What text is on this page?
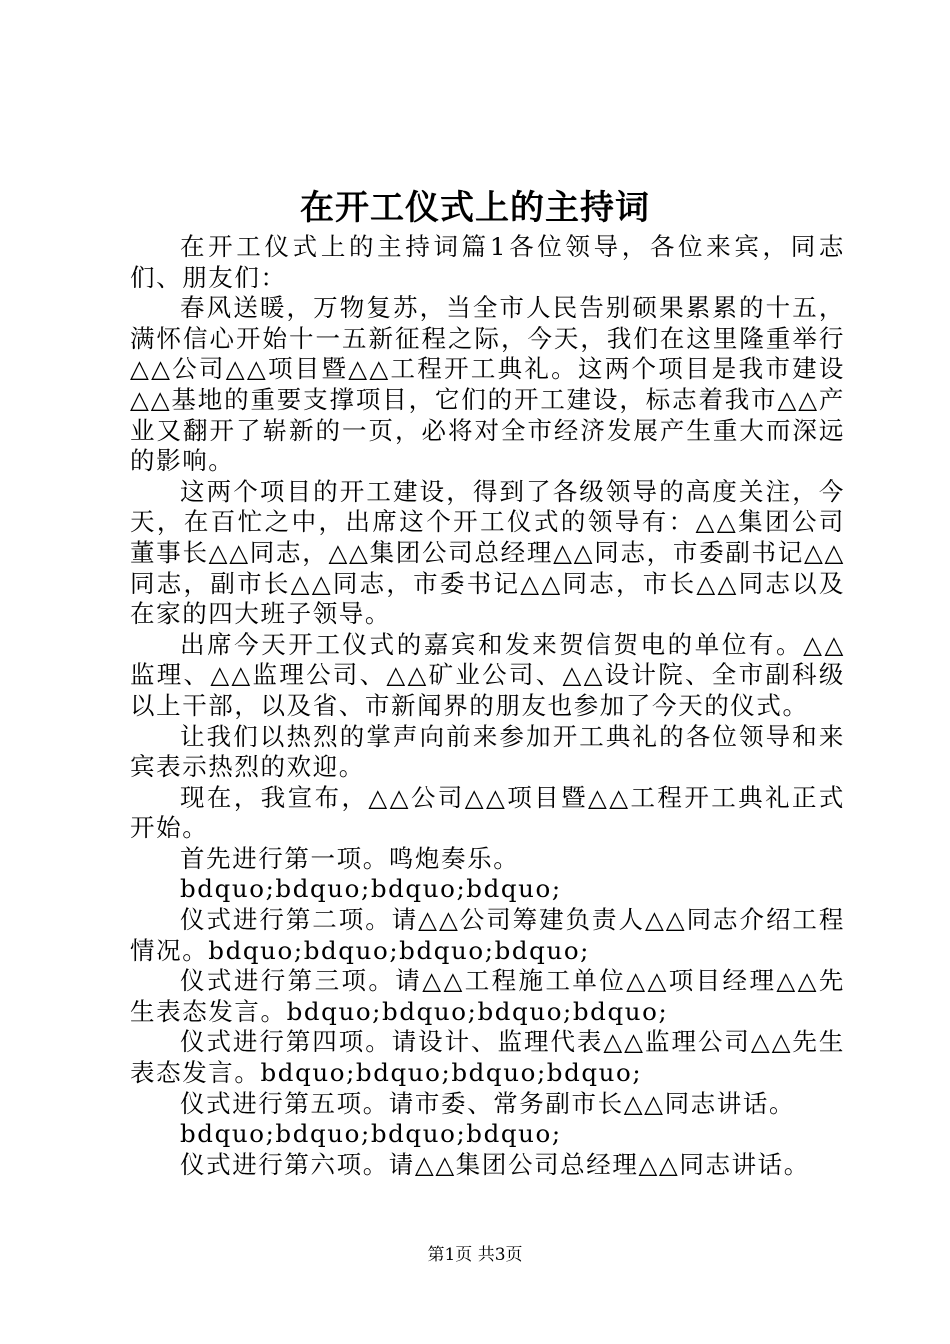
在开工仪式上的主持词

在开工仪式上的主持词篇1各位领导，各位来宾，同志们、朋友们：

春风送暖，万物复苏，当全市人民告别硕果累累的十五，满怀信心开始十一五新征程之际，今天，我们在这里隆重举行△△公司△△项目暨△△工程开工典礼。这两个项目是我市建设△△基地的重要支撑项目，它们的开工建设，标志着我市△△产业又翻开了崭新的一页，必将对全市经济发展产生重大而深远的影响。

这两个项目的开工建设，得到了各级领导的高度关注，今天，在百忙之中，出席这个开工仪式的领导有：△△集团公司董事长△△同志，△△集团公司总经理△△同志，市委副书记△△同志，副市长△△同志，市委书记△△同志，市长△△同志以及在家的四大班子领导。

出席今天开工仪式的嘉宾和发来贺信贺电的单位有。△△监理、△△监理公司、△△矿业公司、△△设计院、全市副科级以上干部，以及省、市新闻界的朋友也参加了今天的仪式。

让我们以热烈的掌声向前来参加开工典礼的各位领导和来宾表示热烈的欢迎。

现在，我宣布，△△公司△△项目暨△△工程开工典礼正式开始。

首先进行第一项。鸣炮奏乐。

bdquo;bdquo;bdquo;bdquo;

仪式进行第二项。请△△公司筹建负责人△△同志介绍工程情况。bdquo;bdquo;bdquo;bdquo;

仪式进行第三项。请△△工程施工单位△△项目经理△△先生表态发言。bdquo;bdquo;bdquo;bdquo;

仪式进行第四项。请设计、监理代表△△监理公司△△先生表态发言。bdquo;bdquo;bdquo;bdquo;

仪式进行第五项。请市委、常务副市长△△同志讲话。

bdquo;bdquo;bdquo;bdquo;

仪式进行第六项。请△△集团公司总经理△△同志讲话。

第1页 共3页
